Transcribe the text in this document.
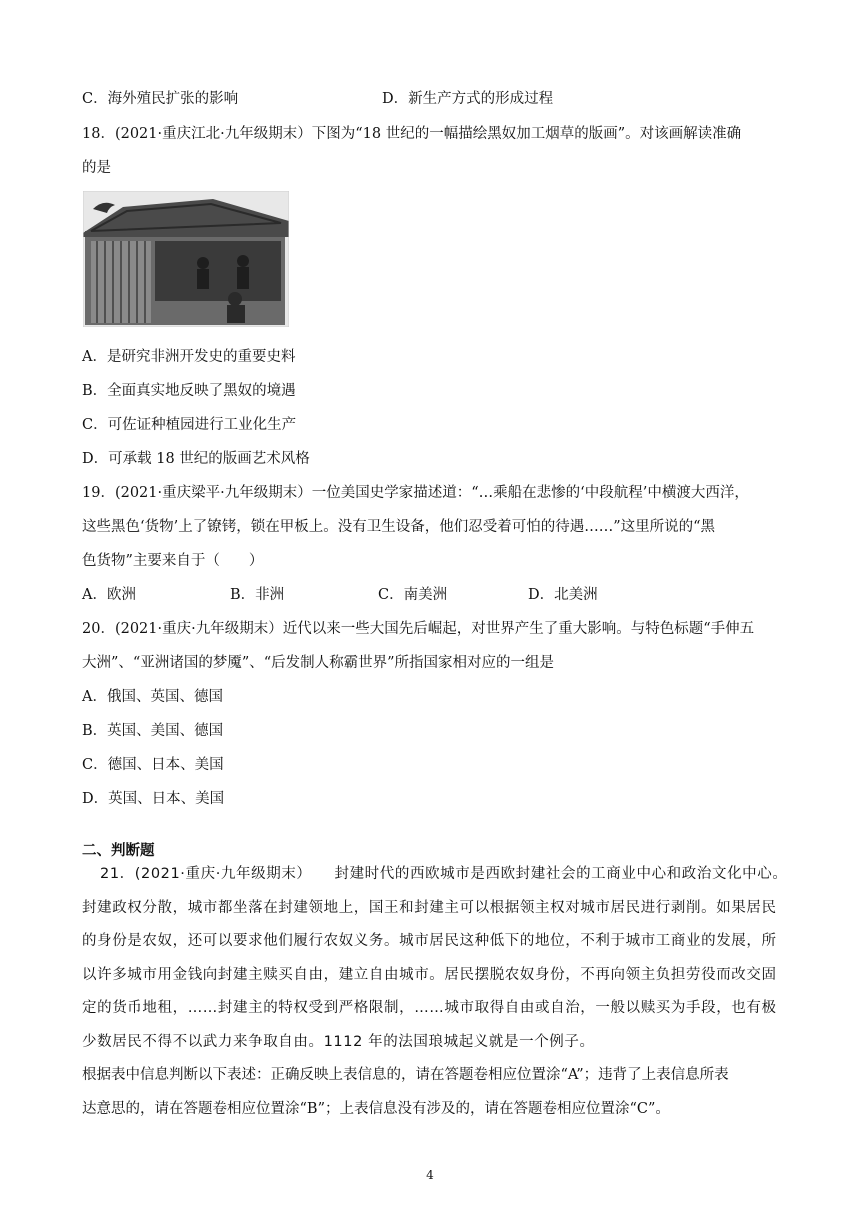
C．海外殖民扩张的影响	D．新生产方式的形成过程
18．(2021·重庆江北·九年级期末）下图为“18 世纪的一幅描绘黑奴加工烟草的版画”。对该画解读准确
的是
A．是研究非洲开发史的重要史料
B．全面真实地反映了黑奴的境遇
C．可佐证种植园进行工业化生产
D．可承载 18 世纪的版画艺术风格
19．(2021·重庆梁平·九年级期末）一位美国史学家描述道：“…乘船在悲惨的‘中段航程’中横渡大西洋，
这些黑色‘货物’上了镣铐，锁在甲板上。没有卫生设备，他们忍受着可怕的待遇……”这里所说的“黑
色货物”主要来自于（　　）
A．欧洲	B．非洲	C．南美洲	D．北美洲
20．(2021·重庆·九年级期末）近代以来一些大国先后崛起，对世界产生了重大影响。与特色标题“手伸五
大洲”、“亚洲诸国的梦魇”、“后发制人称霸世界”所指国家相对应的一组是
A．俄国、英国、德国
B．英国、美国、德国
C．德国、日本、美国
D．英国、日本、美国
二、判断题

21．(2021·重庆·九年级期末）　　封建时代的西欧城市是西欧封建社会的工商业中心和政治文化中心。

封建政权分散，城市都坐落在封建领地上，国王和封建主可以根据领主权对城市居民进行剥削。如果居民

的身份是农奴，还可以要求他们履行农奴义务。城市居民这种低下的地位，不利于城市工商业的发展，所

以许多城市用金钱向封建主赎买自由，建立自由城市。居民摆脱农奴身份，不再向领主负担劳役而改交固

定的货币地租，……封建主的特权受到严格限制，……城市取得自由或自治，一般以赎买为手段，也有极

少数居民不得不以武力来争取自由。1112 年的法国琅城起义就是一个例子。

根据表中信息判断以下表述：正确反映上表信息的，请在答题卷相应位置涂“A”；违背了上表信息所表
达意思的，请在答题卷相应位置涂“B”；上表信息没有涉及的，请在答题卷相应位置涂“C”。
4
